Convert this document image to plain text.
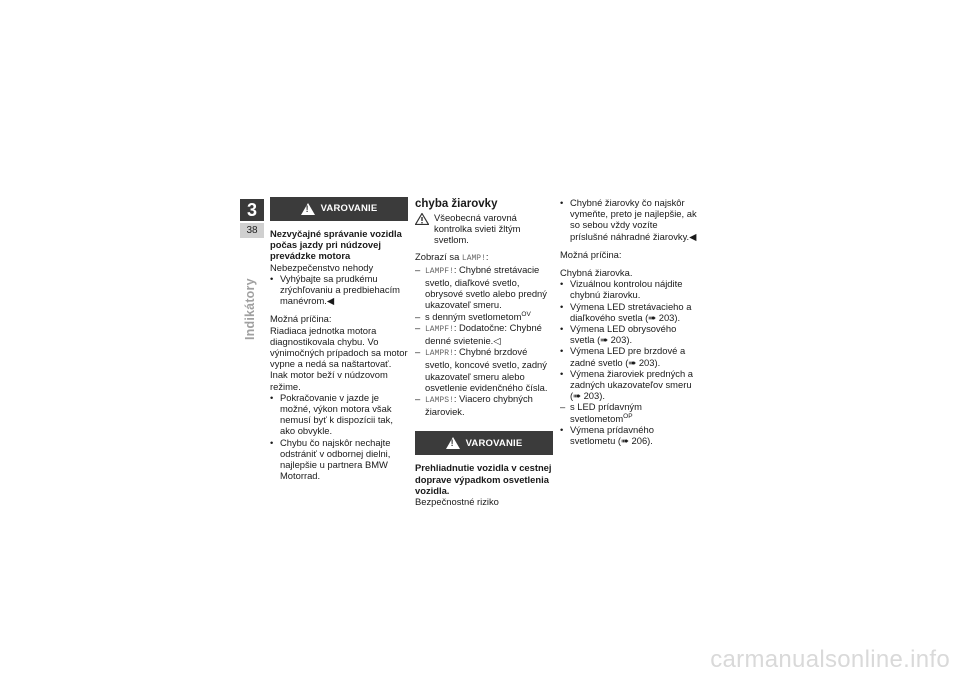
3
38
Indikátory
!
VAROVANIE

Nezvyčajné správanie vozidla počas jazdy pri núdzovej prevádzke motora

Nebezpečenstvo nehody

• Vyhýbajte sa prudkému zrýchľovaniu a predbiehacím manévrom.◀

Možná príčina:

Riadiaca jednotka motora diagnostikovala chybu. Vo výnimočných prípadoch sa motor vypne a nedá sa naštartovať. Inak motor beží v núdzovom režime.

• Pokračovanie v jazde je možné, výkon motora však nemusí byť k dispozícii tak, ako obvykle.
• Chybu čo najskôr nechajte odstrániť v odbornej dielni, najlepšie u partnera BMW Motorrad.
chyba žiarovky
Všeobecná varovná kontrolka svieti žltým svetlom.

Zobrazí sa LAMP!:

– LAMPF!: Chybné stretávacie svetlo, diaľkové svetlo, obrysové svetlo alebo predný ukazovateľ smeru.
– s denným svetlometom$^{OV}$
– LAMPF!: Dodatočne: Chybné denné svietenie.◁
– LAMPR!: Chybné brzdové svetlo, koncové svetlo, zadný ukazovateľ smeru alebo osvetlenie evidenčného čísla.
– LAMPS!: Viacero chybných žiaroviek.
!
VAROVANIE

Prehliadnutie vozidla v cestnej doprave výpadkom osvetlenia vozidla.

Bezpečnostné riziko

• Chybné žiarovky čo najskôr vymeňte, preto je najlepšie, ak so sebou vždy vozíte príslušné náhradné žiarovky.◀

Možná príčina:

Chybná žiarovka.

• Vizuálnou kontrolou nájdite chybnú žiarovku.
• Výmena LED stretávacieho a diaľkového svetla (➠ 203).
• Výmena LED obrysového svetla (➠ 203).
• Výmena LED pre brzdové a zadné svetlo (➠ 203).
• Výmena žiaroviek predných a zadných ukazovateľov smeru (➠ 203).
– s LED prídavným svetlometom$^{OP}$
• Výmena prídavného svetlometu (➠ 206).
carmanualsonline.info
